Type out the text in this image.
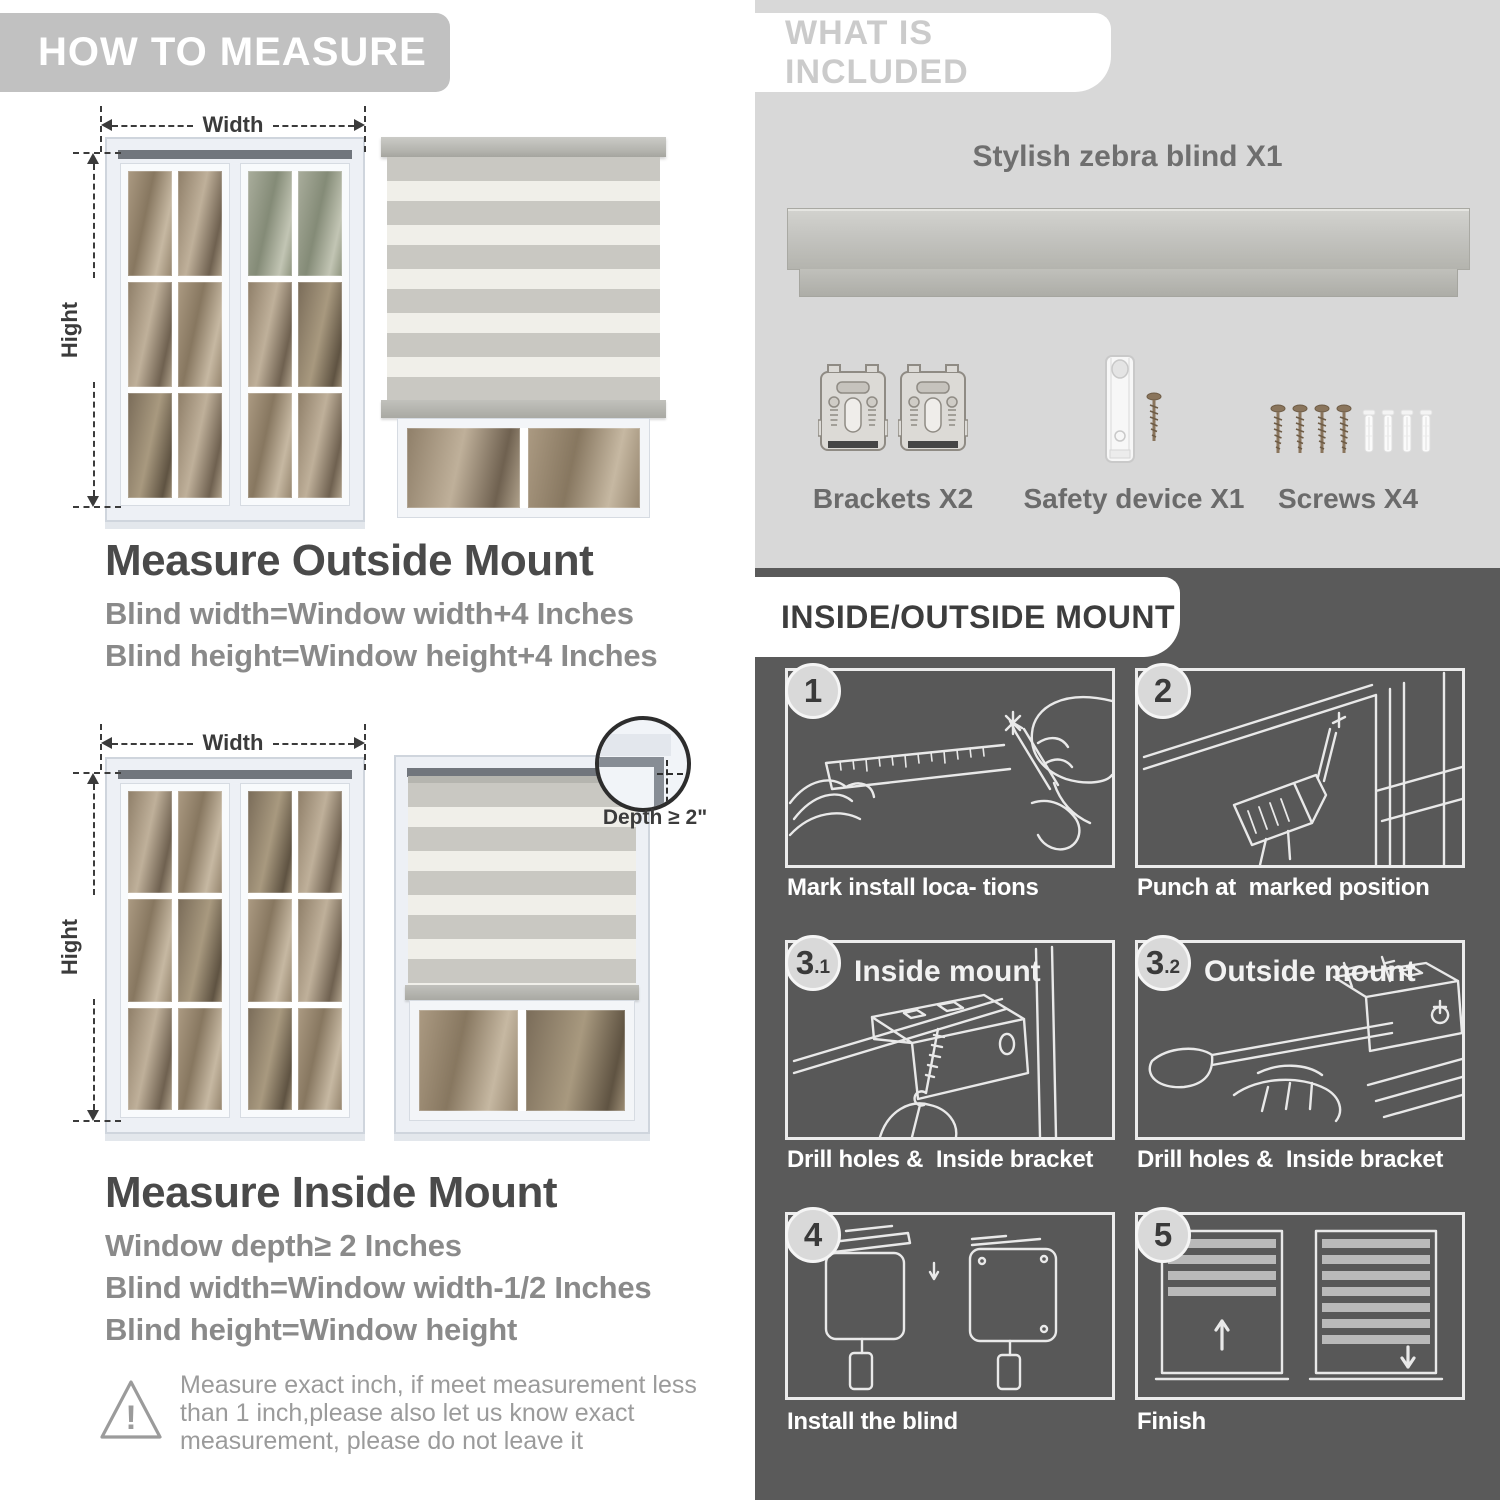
HOW TO MEASURE
Width
Hight
Measure Outside Mount
Blind width=Window width+4 Inches
Blind height=Window height+4 Inches
Width
Hight
Depth ≥ 2"
Measure Inside Mount
Window depth≥ 2 Inches
Blind width=Window width-1/2 Inches
Blind height=Window height
!
Measure exact inch, if meet measurement less
than 1 inch,please also let us know exact
measurement, please do not leave it
WHAT IS INCLUDED
Stylish zebra blind X1
Brackets X2 Safety device X1 Screws X4
INSIDE/OUTSIDE MOUNT
1
Mark install loca- tions
2
Punch at  marked position
3 .1 Inside mount
Drill holes &  Inside bracket
3 .2 Outside mount
Drill holes &  Inside bracket
4
Install the blind
5
Finish
